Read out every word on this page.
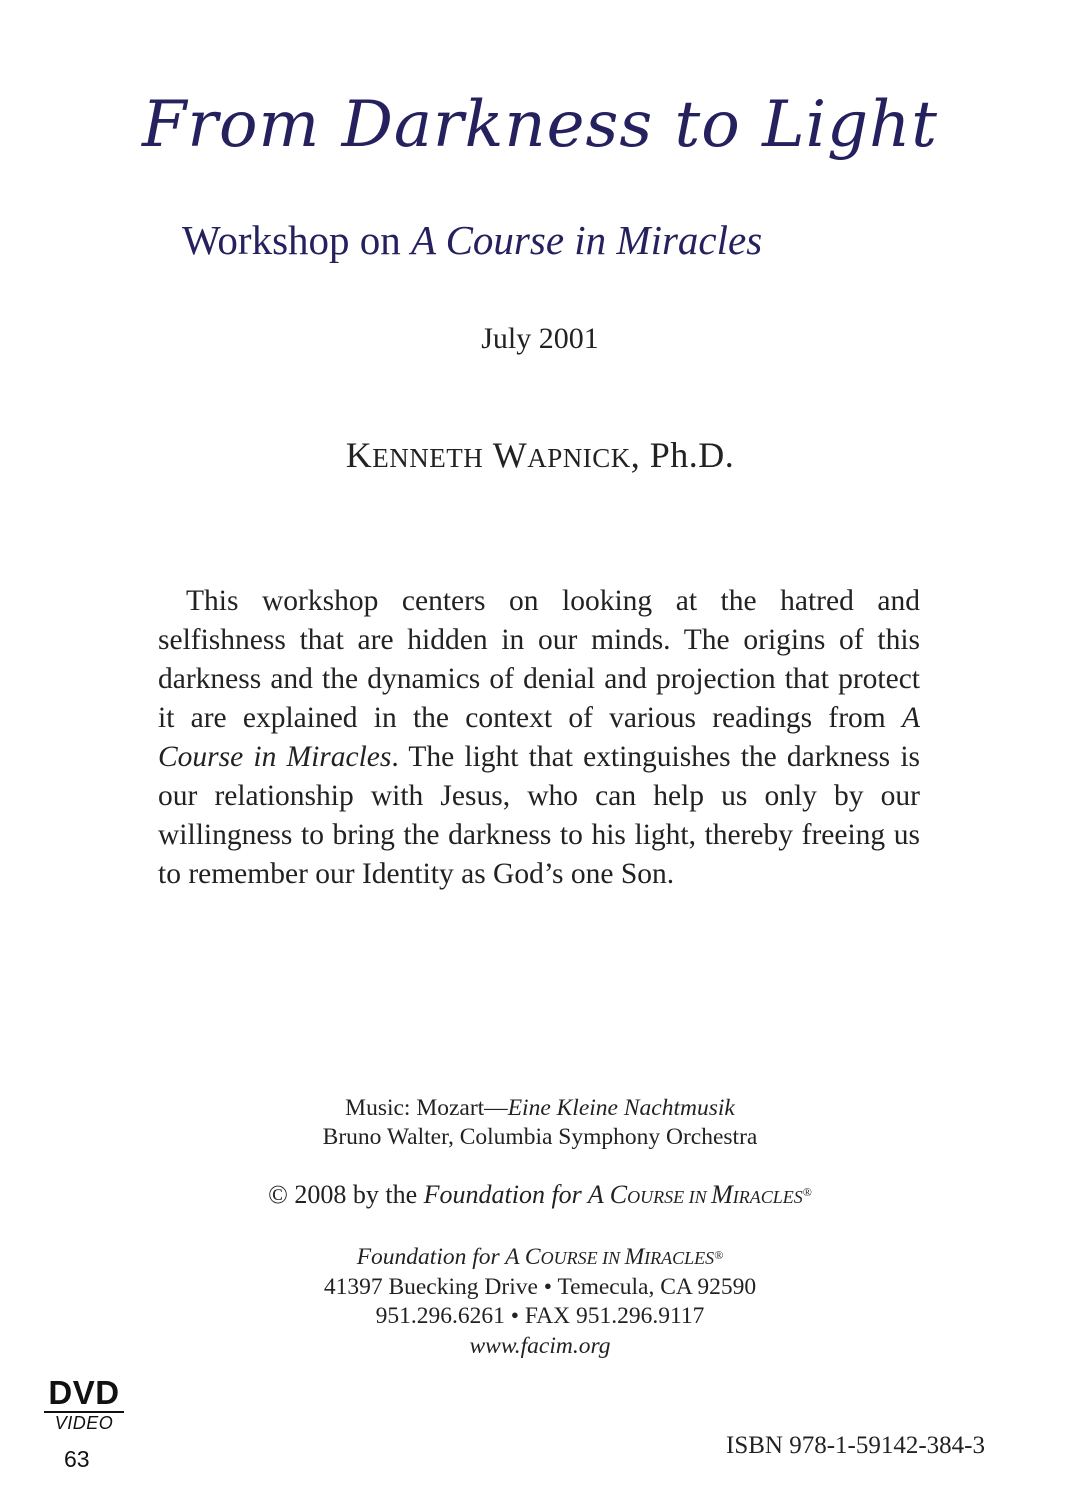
From Darkness to Light
Workshop on A Course in Miracles
July 2001
KENNETH WAPNICK, Ph.D.
This workshop centers on looking at the hatred and selfishness that are hidden in our minds. The origins of this darkness and the dynamics of denial and projection that protect it are explained in the context of various readings from A Course in Miracles. The light that extinguishes the darkness is our relationship with Jesus, who can help us only by our willingness to bring the darkness to his light, thereby freeing us to remember our Identity as God’s one Son.
Music: Mozart—Eine Kleine Nachtmusik
Bruno Walter, Columbia Symphony Orchestra
© 2008 by the Foundation for A COURSE IN MIRACLES®
Foundation for A COURSE IN MIRACLES®
41397 Buecking Drive • Temecula, CA 92590
951.296.6261 • FAX 951.296.9117
www.facim.org
DVD
VIDEO
63	ISBN 978-1-59142-384-3
